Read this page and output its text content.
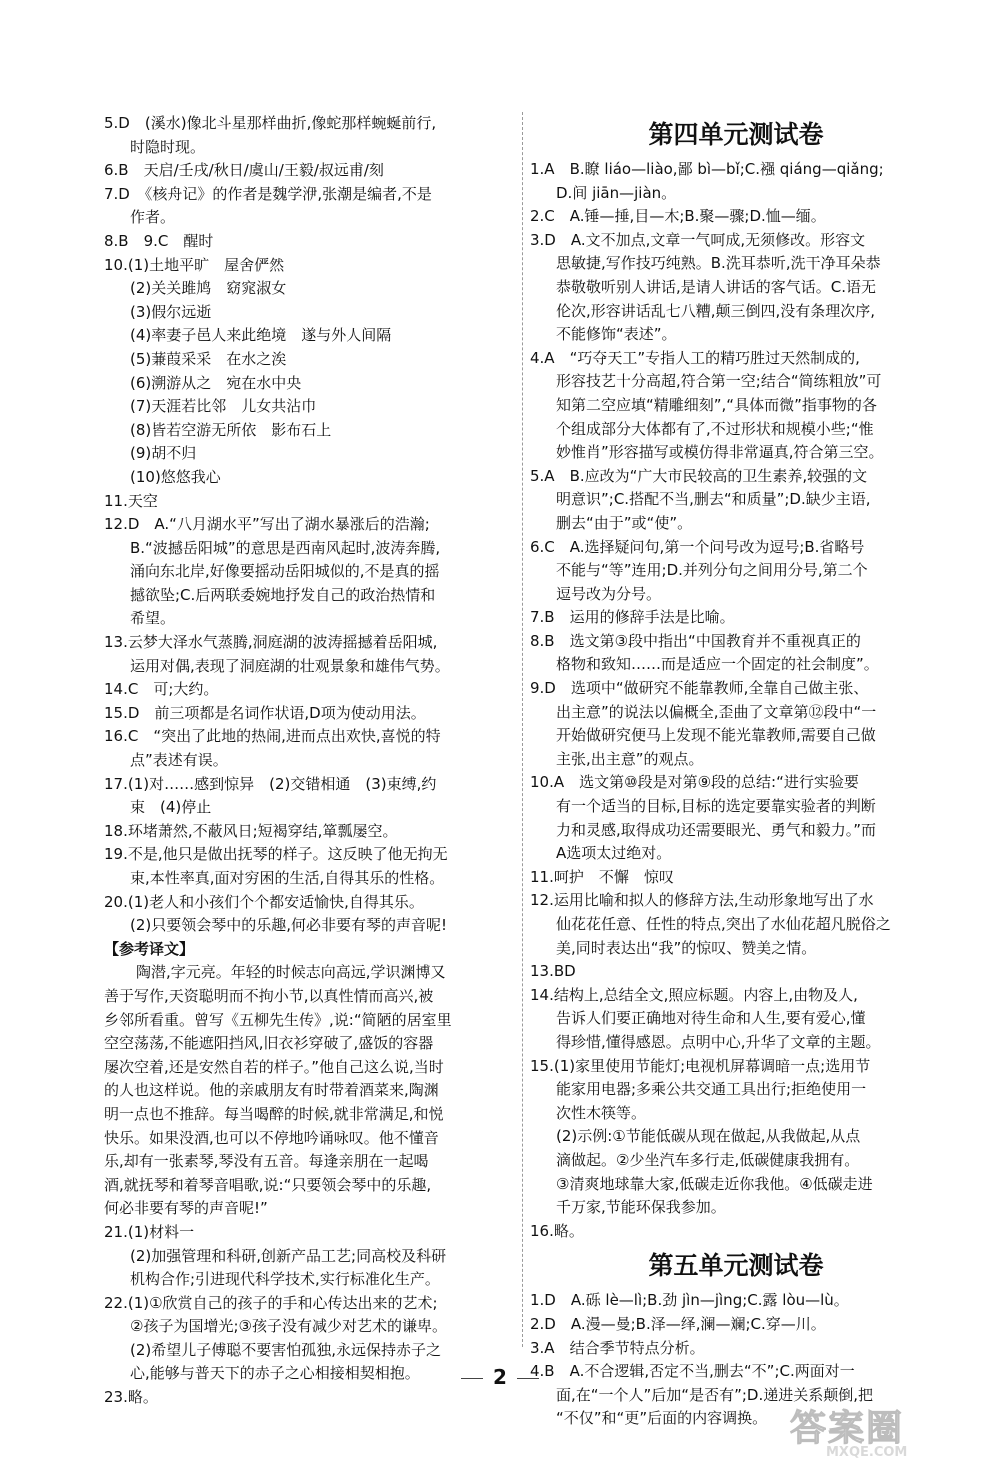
5.D　(溪水)像北斗星那样曲折,像蛇那样蜿蜒前行,
时隐时现。
6.B　天启/壬戌/秋日/虞山/王毅/叔远甫/刻
7.D　《核舟记》的作者是魏学洢,张潮是编者,不是
作者。
8.B　9.C　醒时
10.(1)土地平旷　屋舍俨然
(2)关关雎鸠　窈窕淑女
(3)假尔远逝
(4)率妻子邑人来此绝境　遂与外人间隔
(5)蒹葭采采　在水之涘
(6)溯游从之　宛在水中央
(7)天涯若比邻　儿女共沾巾
(8)皆若空游无所依　影布石上
(9)胡不归
(10)悠悠我心
11.天空
12.D　A.“八月湖水平”写出了湖水暴涨后的浩瀚;
B.“波撼岳阳城”的意思是西南风起时,波涛奔腾,
涌向东北岸,好像要摇动岳阳城似的,不是真的摇
撼欲坠;C.后两联委婉地抒发自己的政治热情和
希望。
13.云梦大泽水气蒸腾,洞庭湖的波涛摇撼着岳阳城,
运用对偶,表现了洞庭湖的壮观景象和雄伟气势。
14.C　可;大约。
15.D　前三项都是名词作状语,D项为使动用法。
16.C　“突出了此地的热闹,进而点出欢快,喜悦的特
点”表述有误。
17.(1)对……感到惊异　(2)交错相通　(3)束缚,约
束　(4)停止
18.环堵萧然,不蔽风日;短褐穿结,箪瓢屡空。
19.不是,他只是做出抚琴的样子。这反映了他无拘无
束,本性率真,面对穷困的生活,自得其乐的性格。
20.(1)老人和小孩们个个都安适愉快,自得其乐。
(2)只要领会琴中的乐趣,何必非要有琴的声音呢!
【参考译文】
陶潜,字元亮。年轻的时候志向高远,学识渊博又
善于写作,天资聪明而不拘小节,以真性情而高兴,被
乡邻所看重。曾写《五柳先生传》,说:“简陋的居室里
空空荡荡,不能遮阳挡风,旧衣衫穿破了,盛饭的容器
屡次空着,还是安然自若的样子。”他自己这么说,当时
的人也这样说。他的亲戚朋友有时带着酒菜来,陶渊
明一点也不推辞。每当喝醉的时候,就非常满足,和悦
快乐。如果没酒,也可以不停地吟诵咏叹。他不懂音
乐,却有一张素琴,琴没有五音。每逢亲朋在一起喝
酒,就抚琴和着琴音唱歌,说:“只要领会琴中的乐趣,
何必非要有琴的声音呢!”
21.(1)材料一
(2)加强管理和科研,创新产品工艺;同高校及科研
机构合作;引进现代科学技术,实行标准化生产。
22.(1)①欣赏自己的孩子的手和心传达出来的艺术;
②孩子为国增光;③孩子没有减少对艺术的谦卑。
(2)希望儿子傅聪不要害怕孤独,永远保持赤子之
心,能够与普天下的赤子之心相接相契相抱。
23.略。
第四单元测试卷
1.A　B.瞭 liáo—liào,鄙 bì—bǐ;C.襁 qiáng—qiǎng;
D.间 jiān—jiàn。
2.C　A.锤—捶,目—木;B.聚—骤;D.恤—缅。
3.D　A.文不加点,文章一气呵成,无须修改。形容文
思敏捷,写作技巧纯熟。B.洗耳恭听,洗干净耳朵恭
恭敬敬听别人讲话,是请人讲话的客气话。C.语无
伦次,形容讲话乱七八糟,颠三倒四,没有条理次序,
不能修饰“表述”。
4.A　“巧夺天工”专指人工的精巧胜过天然制成的,
形容技艺十分高超,符合第一空;结合“简练粗放”可
知第二空应填“精雕细刻”,“具体而微”指事物的各
个组成部分大体都有了,不过形状和规模小些;“惟
妙惟肖”形容描写或模仿得非常逼真,符合第三空。
5.A　B.应改为“广大市民较高的卫生素养,较强的文
明意识”;C.搭配不当,删去“和质量”;D.缺少主语,
删去“由于”或“使”。
6.C　A.选择疑问句,第一个问号改为逗号;B.省略号
不能与“等”连用;D.并列分句之间用分号,第二个
逗号改为分号。
7.B　运用的修辞手法是比喻。
8.B　选文第③段中指出“中国教育并不重视真正的
格物和致知……而是适应一个固定的社会制度”。
9.D　选项中“做研究不能靠教师,全靠自己做主张、
出主意”的说法以偏概全,歪曲了文章第⑫段中“一
开始做研究便马上发现不能光靠教师,需要自己做
主张,出主意”的观点。
10.A　选文第⑩段是对第⑨段的总结:“进行实验要
有一个适当的目标,目标的选定要靠实验者的判断
力和灵感,取得成功还需要眼光、勇气和毅力。”而
A选项太过绝对。
11.呵护　不懈　惊叹
12.运用比喻和拟人的修辞方法,生动形象地写出了水
仙花花任意、任性的特点,突出了水仙花超凡脱俗之
美,同时表达出“我”的惊叹、赞美之情。
13.BD
14.结构上,总结全文,照应标题。内容上,由物及人,
告诉人们要正确地对待生命和人生,要有爱心,懂
得珍惜,懂得感恩。点明中心,升华了文章的主题。
15.(1)家里使用节能灯;电视机屏幕调暗一点;选用节
能家用电器;多乘公共交通工具出行;拒绝使用一
次性木筷等。
(2)示例:①节能低碳从现在做起,从我做起,从点
滴做起。②少坐汽车多行走,低碳健康我拥有。
③清爽地球靠大家,低碳走近你我他。④低碳走进
千万家,节能环保我参加。
16.略。
第五单元测试卷
1.D　A.砾 lè—lì;B.劲 jìn—jìng;C.露 lòu—lù。
2.D　A.漫—曼;B.泽—绎,澜—斓;C.穿—川。
3.A　结合季节特点分析。
4.B　A.不合逻辑,否定不当,删去“不”;C.两面对一
面,在“一个人”后加“是否有”;D.递进关系颠倒,把
“不仅”和“更”后面的内容调换。
2
答案圈
MXQE.COM
